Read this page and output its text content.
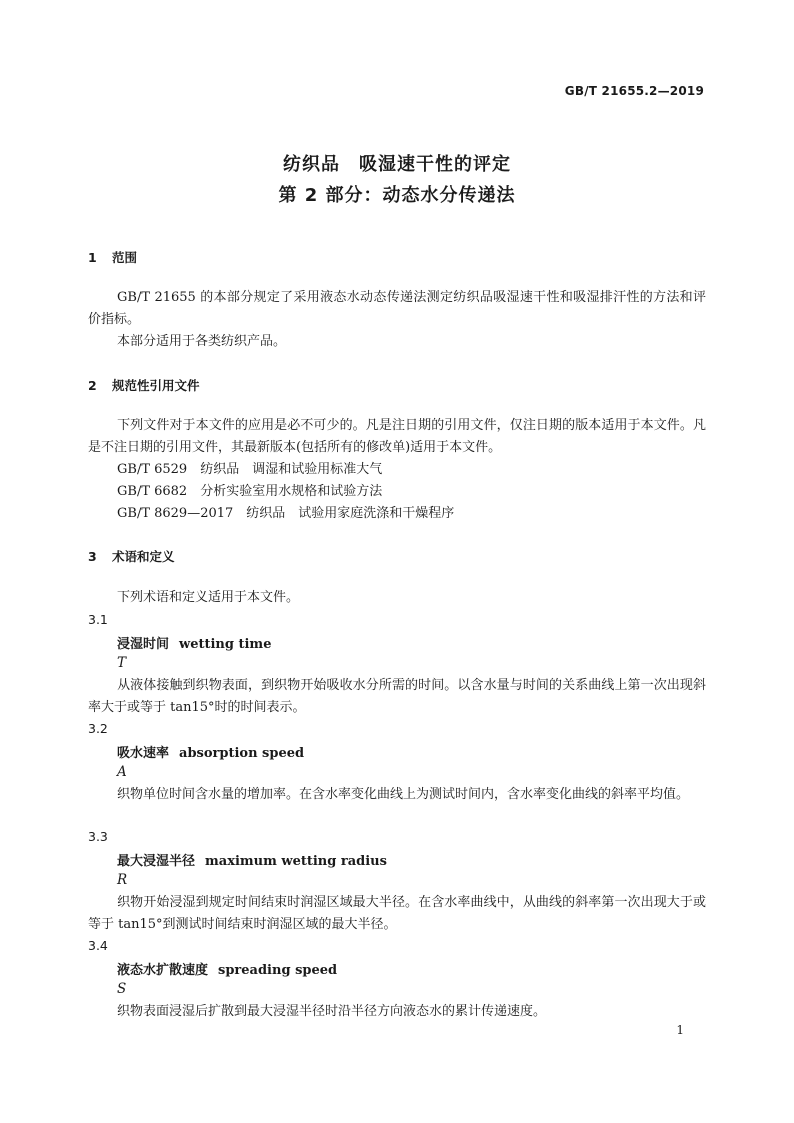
GB/T 21655.2—2019
纺织品　吸湿速干性的评定
第 2 部分：动态水分传递法
1 范围
GB/T 21655 的本部分规定了采用液态水动态传递法测定纺织品吸湿速干性和吸湿排汗性的方法和评价指标。
本部分适用于各类纺织产品。
2 规范性引用文件
下列文件对于本文件的应用是必不可少的。凡是注日期的引用文件，仅注日期的版本适用于本文件。凡是不注日期的引用文件，其最新版本(包括所有的修改单)适用于本文件。
GB/T 6529　纺织品　调湿和试验用标准大气
GB/T 6682　分析实验室用水规格和试验方法
GB/T 8629—2017　纺织品　试验用家庭洗涤和干燥程序
3 术语和定义
下列术语和定义适用于本文件。
3.1
浸湿时间 wetting time
T
从液体接触到织物表面，到织物开始吸收水分所需的时间。以含水量与时间的关系曲线上第一次出现斜率大于或等于 tan15°时的时间表示。
3.2
吸水速率 absorption speed
A
织物单位时间含水量的增加率。在含水率变化曲线上为测试时间内，含水率变化曲线的斜率平均值。
3.3
最大浸湿半径 maximum wetting radius
R
织物开始浸湿到规定时间结束时润湿区域最大半径。在含水率曲线中，从曲线的斜率第一次出现大于或等于 tan15°到测试时间结束时润湿区域的最大半径。
3.4
液态水扩散速度 spreading speed
S
织物表面浸湿后扩散到最大浸湿半径时沿半径方向液态水的累计传递速度。
1
